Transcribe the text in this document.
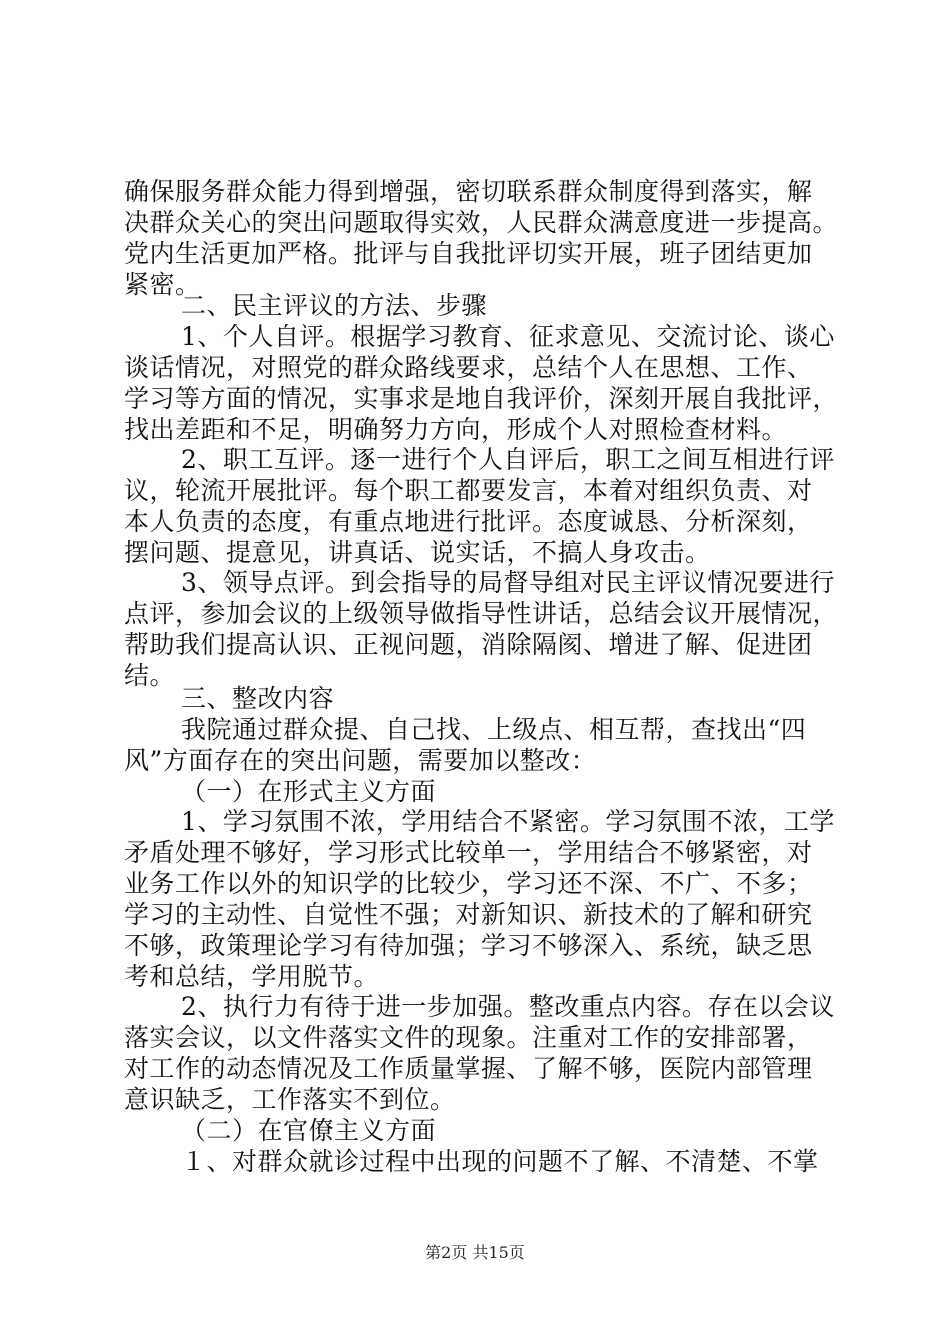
确保服务群众能力得到增强，密切联系群众制度得到落实，解
决群众关心的突出问题取得实效，人民群众满意度进一步提高。
党内生活更加严格。批评与自我批评切实开展，班子团结更加
紧密。
二、民主评议的方法、步骤
1、个人自评。根据学习教育、征求意见、交流讨论、谈心
谈话情况，对照党的群众路线要求，总结个人在思想、工作、
学习等方面的情况，实事求是地自我评价，深刻开展自我批评，
找出差距和不足，明确努力方向，形成个人对照检查材料。
2、职工互评。逐一进行个人自评后，职工之间互相进行评
议，轮流开展批评。每个职工都要发言，本着对组织负责、对
本人负责的态度，有重点地进行批评。态度诚恳、分析深刻，
摆问题、提意见，讲真话、说实话，不搞人身攻击。
3、领导点评。到会指导的局督导组对民主评议情况要进行
点评，参加会议的上级领导做指导性讲话，总结会议开展情况，
帮助我们提高认识、正视问题，消除隔阂、增进了解、促进团
结。
三、整改内容
我院通过群众提、自己找、上级点、相互帮，查找出“四
风”方面存在的突出问题，需要加以整改：
（一）在形式主义方面
1、学习氛围不浓，学用结合不紧密。学习氛围不浓，工学
矛盾处理不够好，学习形式比较单一，学用结合不够紧密，对
业务工作以外的知识学的比较少，学习还不深、不广、不多；
学习的主动性、自觉性不强；对新知识、新技术的了解和研究
不够，政策理论学习有待加强；学习不够深入、系统，缺乏思
考和总结，学用脱节。
2、执行力有待于进一步加强。整改重点内容。存在以会议
落实会议，以文件落实文件的现象。注重对工作的安排部署，
对工作的动态情况及工作质量掌握、了解不够，医院内部管理
意识缺乏，工作落实不到位。
（二）在官僚主义方面
１、对群众就诊过程中出现的问题不了解、不清楚、不掌
第2页 共15页
